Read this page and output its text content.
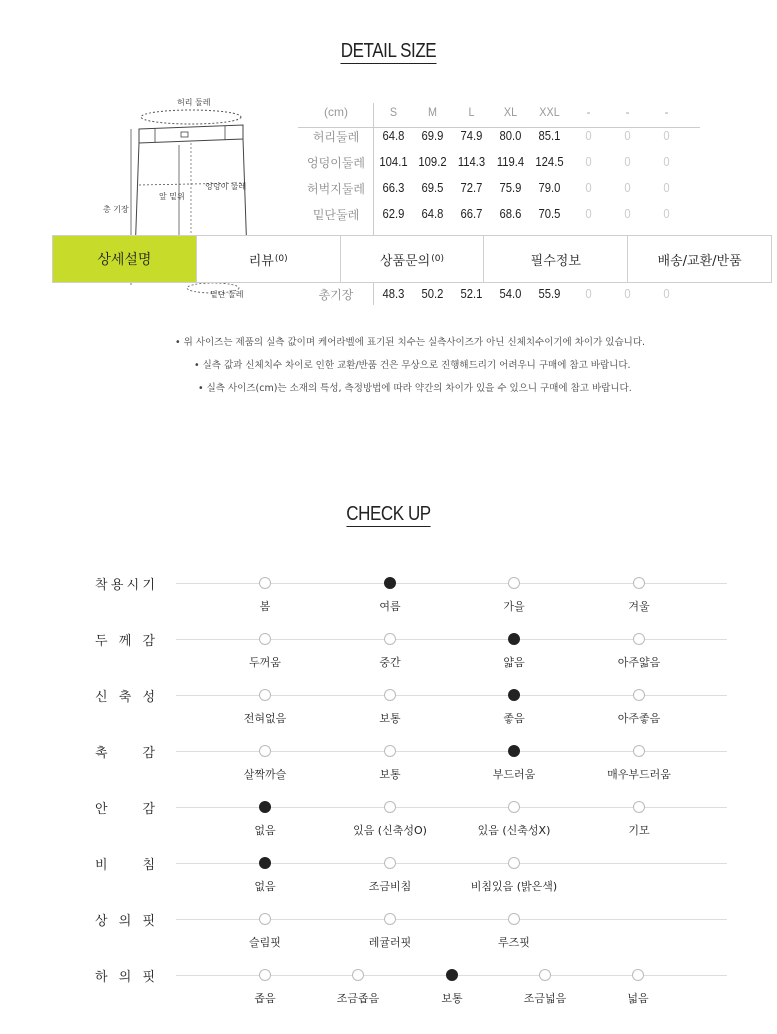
DETAIL SIZE
허리 둘레
엉덩이 둘레
앞 밑위
총 기장
밑단 둘레
(cm)	S	M	L	XL	XXL	-	-	-
허리둘레	64.8	69.9	74.9	80.0	85.1	0	0	0
엉덩이둘레	104.1 109.2 114.3 119.4 124.5	0	0	0
허벅지둘레	66.3	69.5	72.7	75.9	79.0	0	0	0
밑단둘레	62.9	64.8	66.7	68.6	70.5	0	0	0
총기장	48.3	50.2	52.1	54.0	55.9	0	0	0
상세설명	리뷰 (0)	상품문의 (0)	필수정보	배송/교환/반품
• 위 사이즈는 제품의 실측 값이며 케어라벨에 표기된 치수는 실측사이즈가 아닌 신체치수이기에 차이가 있습니다.
• 실측 값과 신체치수 차이로 인한 교환/반품 건은 무상으로 진행해드리기 어려우니 구매에 참고 바랍니다.
• 실측 사이즈(cm)는 소재의 특성, 측정방법에 따라 약간의 차이가 있을 수 있으니 구매에 참고 바랍니다.
CHECK UP
착 용 시 기
봄	여름	가을	겨울
두 께 감
두꺼움	중간	얇음	아주얇음
신 축 성
전혀없음	보통	좋음	아주좋음
촉	감
살짝까슬	보통	부드러움	매우부드러움
안	감
없음	있음 (신축성O)	있음 (신축성X)	기모
비	침
없음	조금비침	비침있음 (밝은색)
상 의 핏
슬림핏	레귤러핏	루즈핏
하 의 핏
좁음	조금좁음	보통	조금넓음	넓음
